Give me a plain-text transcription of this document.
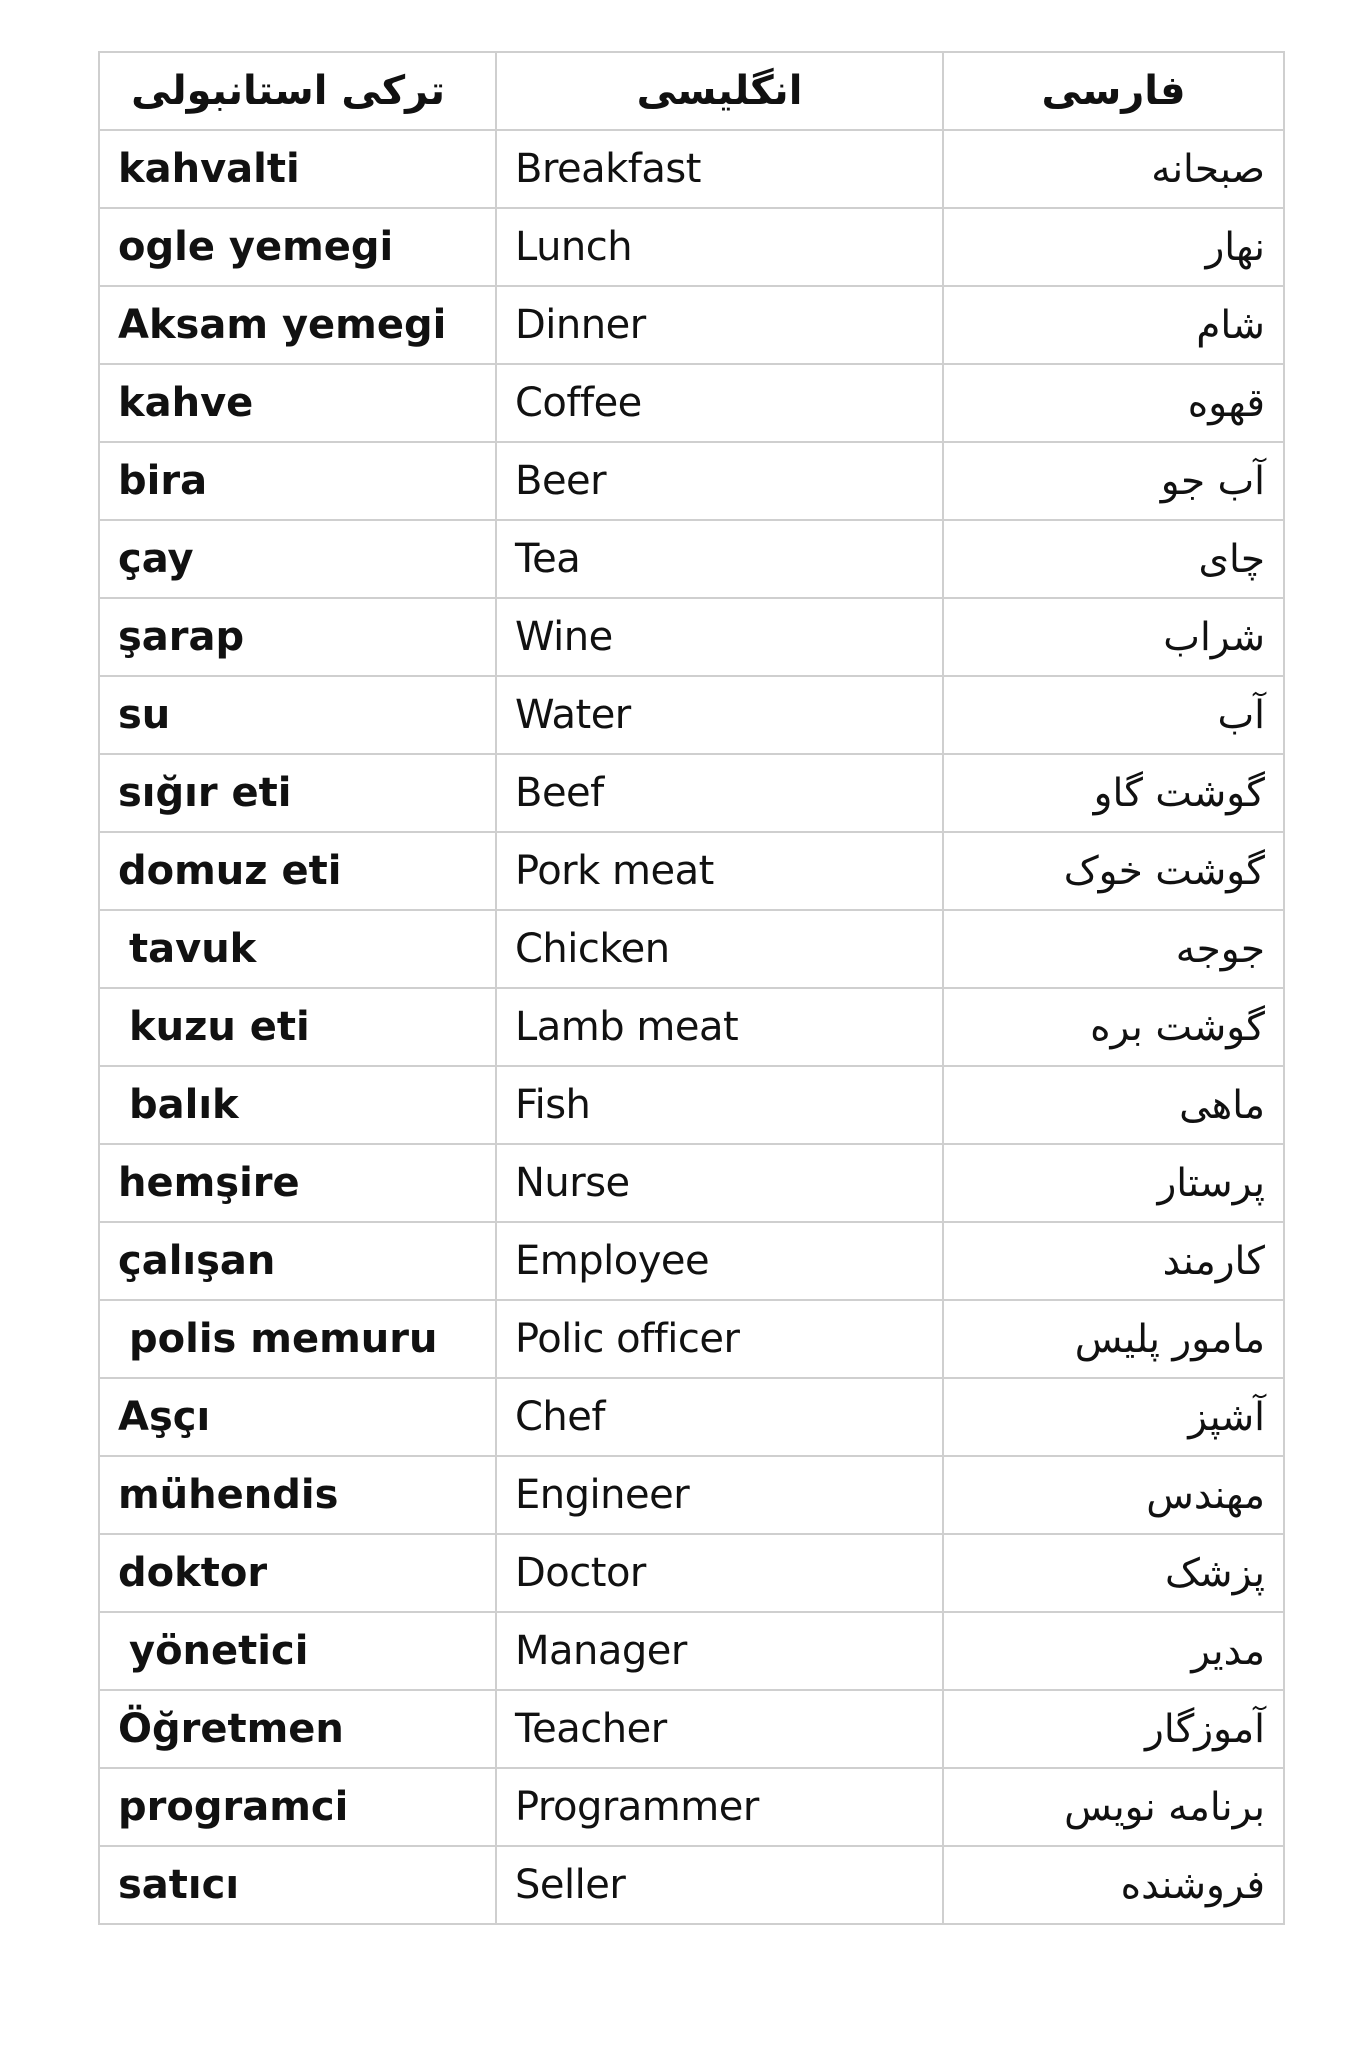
ترکی استانبولی	انگلیسی	فارسی
kahvalti	Breakfast	صبحانه
ogle yemegi	Lunch	نهار
Aksam yemegi	Dinner	شام
kahve	Coffee	قهوه
bira	Beer	آب جو
çay	Tea	چای
şarap	Wine	شراب
su	Water	آب
sığır eti	Beef	گوشت گاو
domuz eti	Pork meat	گوشت خوک
tavuk	Chicken	جوجه
kuzu eti	Lamb meat	گوشت بره
balık	Fish	ماهی
hemşire	Nurse	پرستار
çalışan	Employee	کارمند
polis memuru	Polic officer	مامور پلیس
Aşçı	Chef	آشپز
mühendis	Engineer	مهندس
doktor	Doctor	پزشک
yönetici	Manager	مدیر
Öğretmen	Teacher	آموزگار
programci	Programmer	برنامه نویس
satıcı	Seller	فروشنده
